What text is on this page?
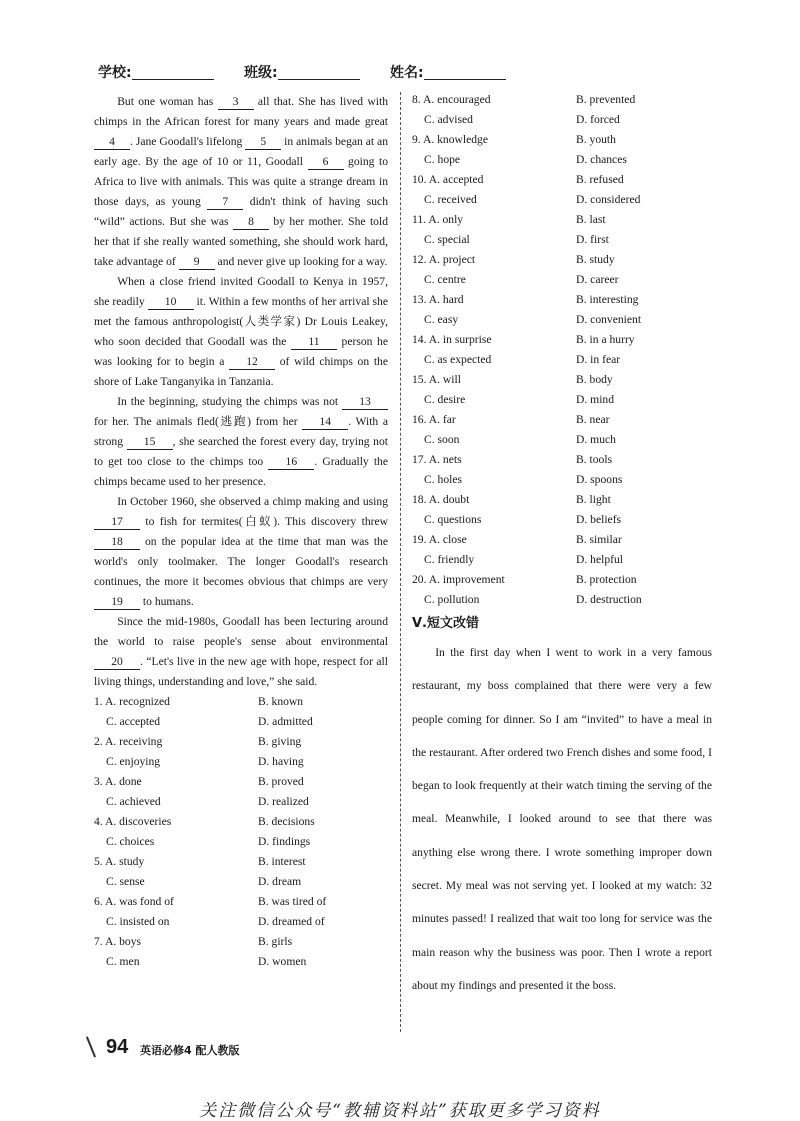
学校:	班级:	姓名:

But one woman has 3 all that. She has lived with chimps in the African forest for many years and made great 4 . Jane Goodall's lifelong 5 in animals began at an early age. By the age of 10 or 11, Goodall 6 going to Africa to live with animals. This was quite a strange dream in those days, as young 7 didn't think of having such “wild” actions. But she was 8 by her mother. She told her that if she really wanted something, she should work hard, take advantage of 9 and never give up looking for a way.

When a close friend invited Goodall to Kenya in 1957, she readily 10 it. Within a few months of her arrival she met the famous anthropologist(人类学家) Dr Louis Leakey, who soon decided that Goodall was the 11 person he was looking for to begin a 12 of wild chimps on the shore of Lake Tanganyika in Tanzania.

In the beginning, studying the chimps was not 13 for her. The animals fled(逃跑) from her 14 . With a strong 15 , she searched the forest every day, trying not to get too close to the chimps too 16 . Gradually the chimps became used to her presence.

In October 1960, she observed a chimp making and using 17 to fish for termites(白蚁). This discovery threw 18 on the popular idea at the time that man was the world's only toolmaker. The longer Goodall's research continues, the more it becomes obvious that chimps are very 19 to humans.

Since the mid-1980s, Goodall has been lecturing around the world to raise people's sense about environmental 20 . “Let's live in the new age with hope, respect for all living things, understanding and love,” she said.

1. A. recognized	B. known
C. accepted	D. admitted
2. A. receiving	B. giving
C. enjoying	D. having
3. A. done	B. proved
C. achieved	D. realized
4. A. discoveries	B. decisions
C. choices	D. findings
5. A. study	B. interest
C. sense	D. dream
6. A. was fond of	B. was tired of
C. insisted on	D. dreamed of
7. A. boys	B. girls
C. men	D. women
8. A. encouraged	B. prevented
C. advised	D. forced
9. A. knowledge	B. youth
C. hope	D. chances
10. A. accepted	B. refused
C. received	D. considered
11. A. only	B. last
C. special	D. first
12. A. project	B. study
C. centre	D. career
13. A. hard	B. interesting
C. easy	D. convenient
14. A. in surprise	B. in a hurry
C. as expected	D. in fear
15. A. will	B. body
C. desire	D. mind
16. A. far	B. near
C. soon	D. much
17. A. nets	B. tools
C. holes	D. spoons
18. A. doubt	B. light
C. questions	D. beliefs
19. A. close	B. similar
C. friendly	D. helpful
20. A. improvement	B. protection
C. pollution	D. destruction
Ⅴ.短文改错

In the first day when I went to work in a very famous restaurant, my boss complained that there were very a few people coming for dinner. So I am “invited” to have a meal in the restaurant. After ordered two French dishes and some food, I began to look frequently at their watch timing the serving of the meal. Meanwhile, I looked around to see that there was anything else wrong there. I wrote something improper down secret. My meal was not serving yet. I looked at my watch: 32 minutes passed! I realized that wait too long for service was the main reason why the business was poor. Then I wrote a report about my findings and presented it the boss.

94 英语必修4 配人教版
关注微信公众号“教辅资料站”获取更多学习资料
